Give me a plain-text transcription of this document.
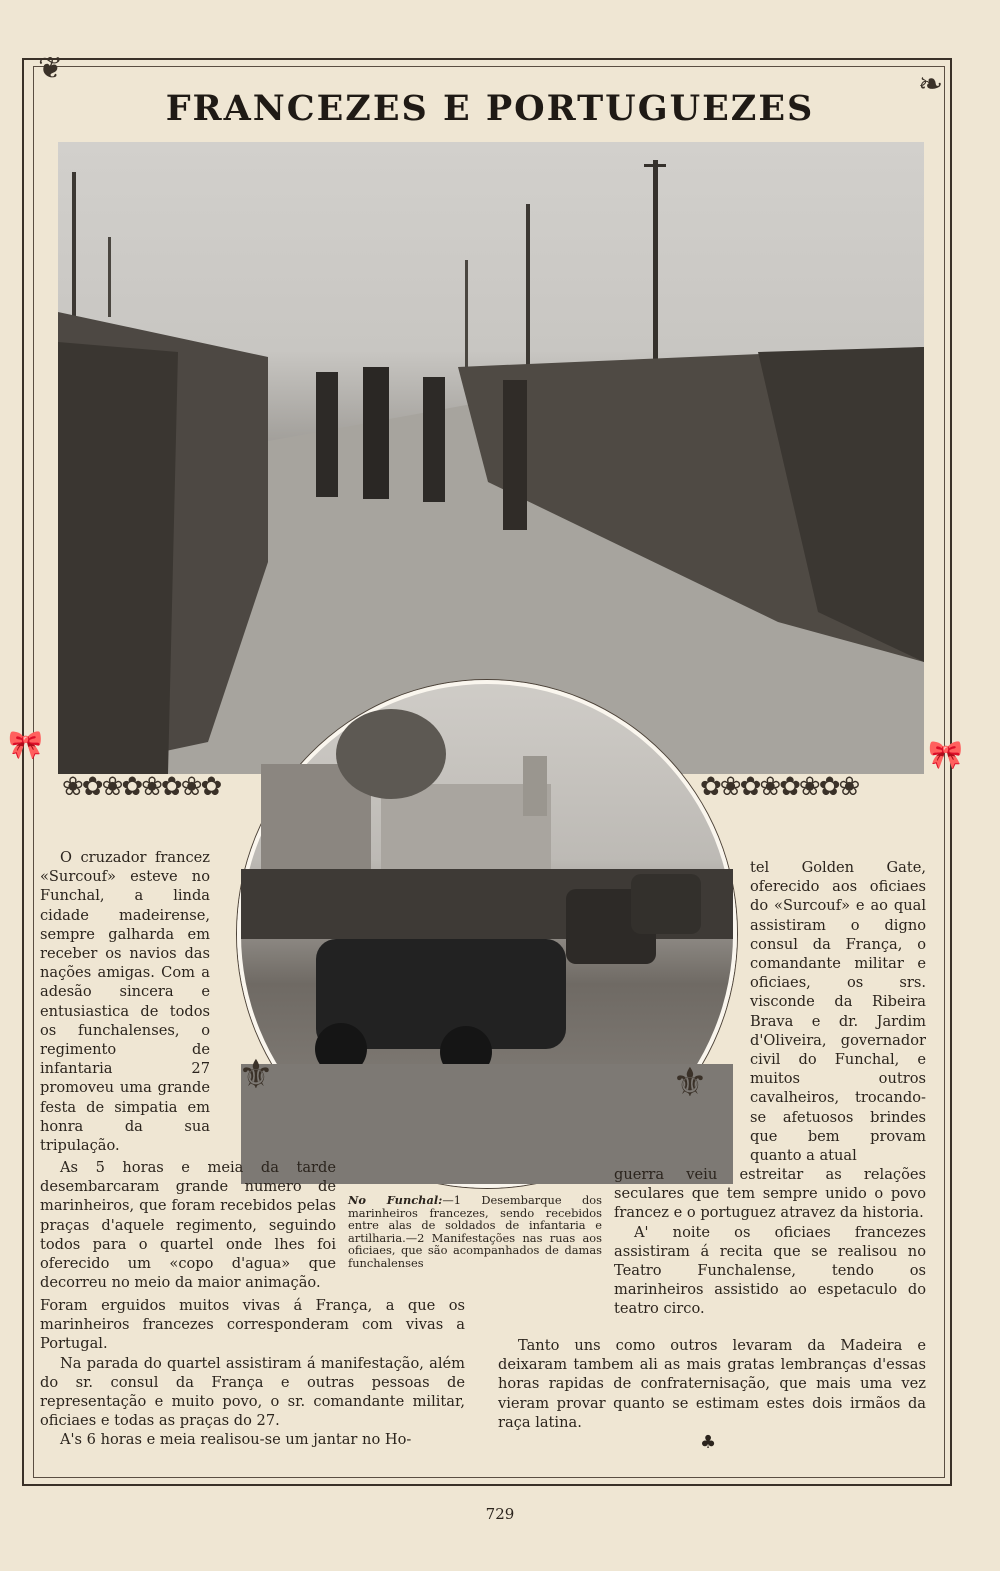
❦	❧
FRANCEZES E PORTUGUEZES
❀✿❀✿❀✿❀✿	✿❀✿❀✿❀✿❀
🎀	🎀
⚜	⚜
No Funchal:—1 Desembarque dos marinheiros francezes, sendo recebidos entre alas de soldados de infantaria e artilharia.—2 Manifestações nas ruas aos oficiaes, que são acompanhados de damas funchalenses

O cruzador francez «Surcouf» esteve no Funchal, a linda cidade madeirense, sempre galharda em receber os navios das nações amigas. Com a adesão sincera e entusiastica de todos os funchalenses, o regimento de infantaria 27 promoveu uma grande festa de simpatia em honra da sua tripulação.

As 5 horas e meia da tarde desembarcaram grande numero de marinheiros, que foram recebidos pelas praças d'aquele regimento, seguindo todos para o quartel onde lhes foi oferecido um «copo d'agua» que decorreu no meio da maior animação.

Foram erguidos muitos vivas á França, a que os marinheiros francezes corresponderam com vivas a Portugal.

Na parada do quartel assistiram á manifestação, além do sr. consul da França e outras pessoas de representação e muito povo, o sr. comandante militar, oficiaes e todas as praças do 27.

A's 6 horas e meia realisou-se um jantar no Ho-

tel Golden Gate, oferecido aos oficiaes do «Surcouf» e ao qual assistiram o digno consul da França, o comandante militar e oficiaes, os srs. visconde da Ribeira Brava e dr. Jardim d'Oliveira, governador civil do Funchal, e muitos outros cavalheiros, trocando-se afetuosos brindes que bem provam quanto a atual

guerra veiu estreitar as relações seculares que tem sempre unido o povo francez e o portuguez atravez da historia.

A' noite os oficiaes francezes assistiram á recita que se realisou no Teatro Funchalense, tendo os marinheiros assistido ao espetaculo do teatro circo.

Tanto uns como outros levaram da Madeira e deixaram tambem ali as mais gratas lembranças d'essas horas rapidas de confraternisação, que mais uma vez vieram provar quanto se estimam estes dois irmãos da raça latina.

♣
729
